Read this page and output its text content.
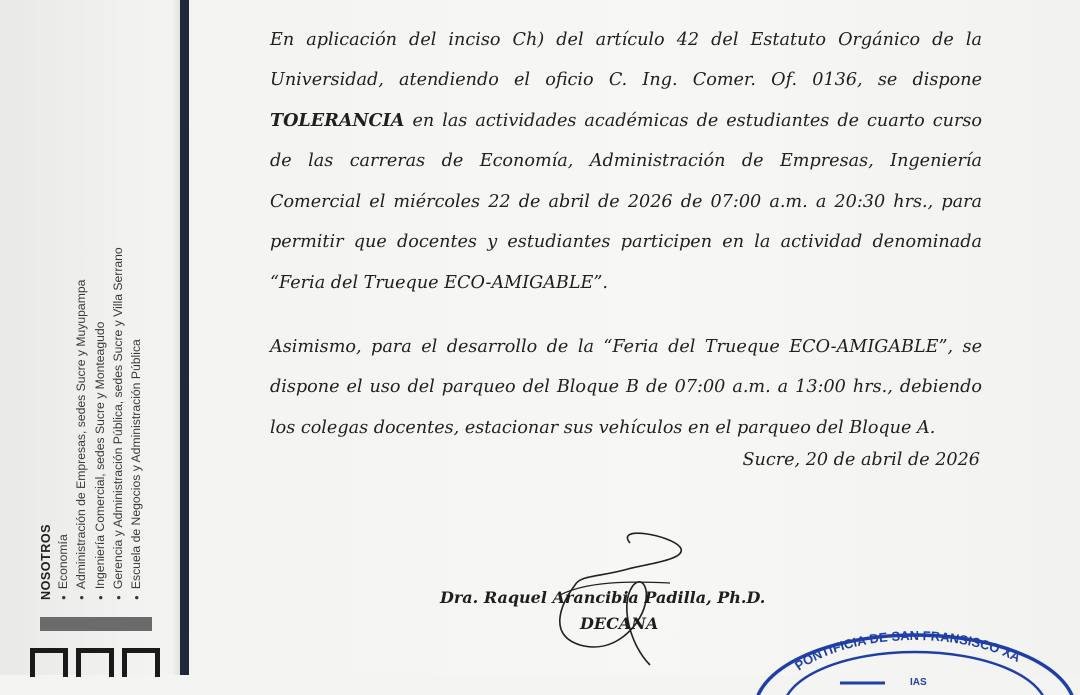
NOSOTROS ● Economía ● Administración de Empresas, sedes Sucre y Muyupampa ● Ingeniería Comercial, sedes Sucre y Monteagudo ● Gerencia y Administración Pública, sedes Sucre y Villa Serrano ● Escuela de Negocios y Administración Pública

En aplicación del inciso Ch) del artículo 42 del Estatuto Orgánico de la Universidad, atendiendo el oficio C. Ing. Comer. Of. 0136, se dispone TOLERANCIA en las actividades académicas de estudiantes de cuarto curso de las carreras de Economía, Administración de Empresas, Ingeniería Comercial el miércoles 22 de abril de 2026 de 07:00 a.m. a 20:30 hrs., para permitir que docentes y estudiantes participen en la actividad denominada “Feria del Trueque ECO-AMIGABLE”.

Asimismo, para el desarrollo de la “Feria del Trueque ECO-AMIGABLE”, se dispone el uso del parqueo del Bloque B de 07:00 a.m. a 13:00 hrs., debiendo los colegas docentes, estacionar sus vehículos en el parqueo del Bloque A.

Sucre, 20 de abril de 2026
Dra. Raquel Arancibia Padilla, Ph.D.
DECANA
PONTIFICIA DE SAN FRANSISCO XA
IAS
